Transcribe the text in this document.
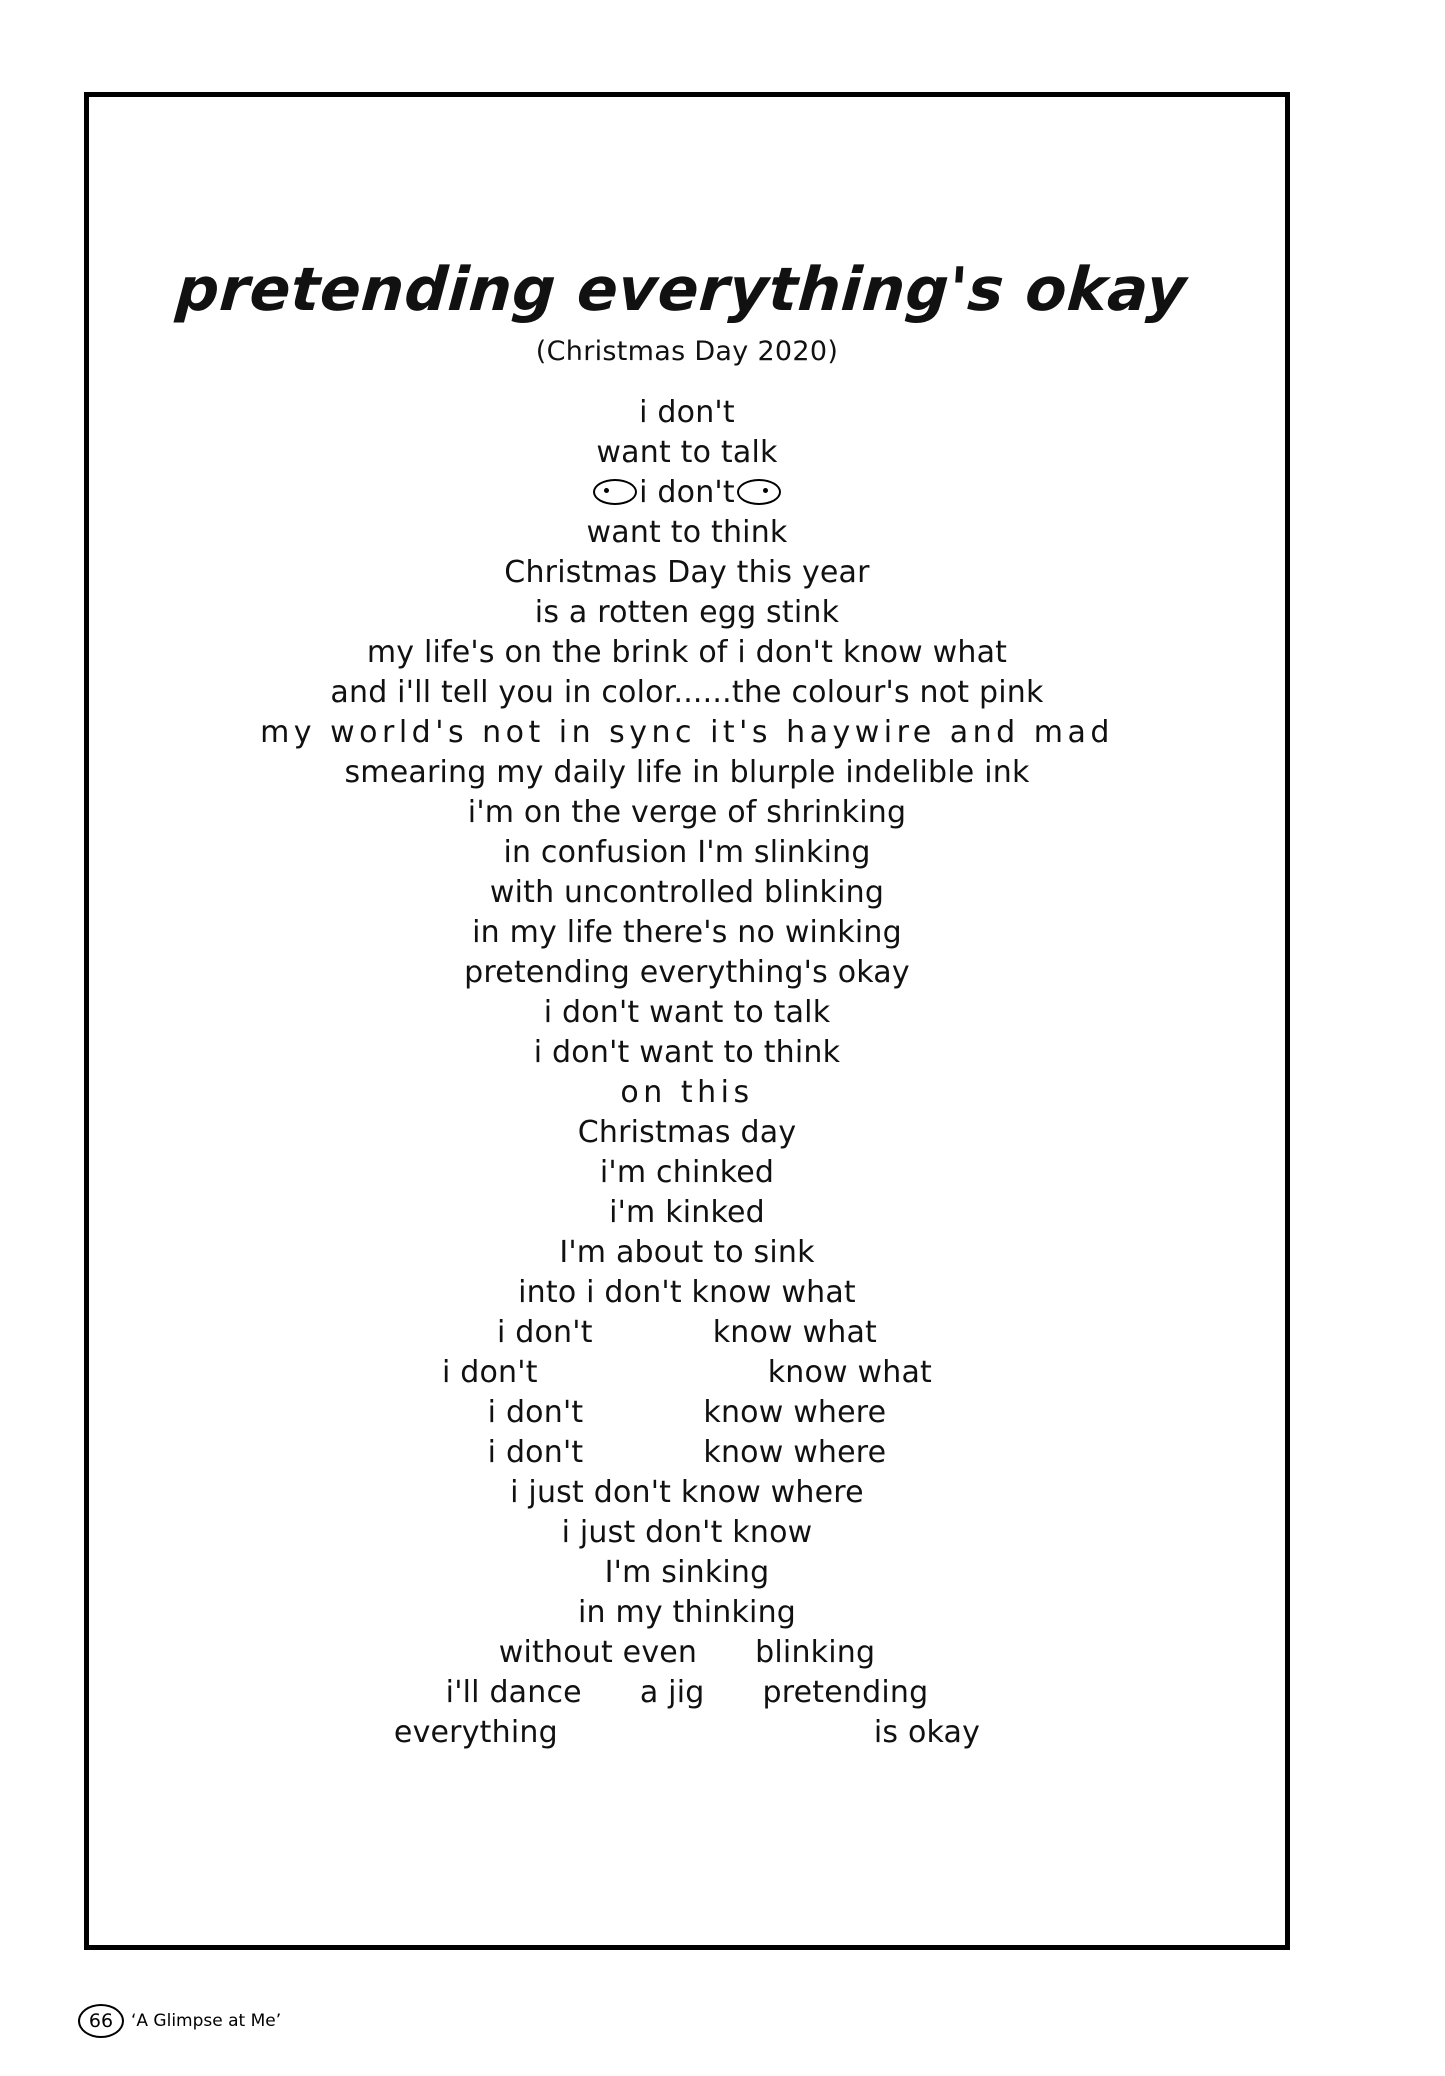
pretending everything's okay
(Christmas Day 2020)
i don't
want to talk
i don't
want to think
Christmas Day this year
is a rotten egg stink
my life's on the brink of i don't know what
and i'll tell you in color......the colour's not pink
my world's not in sync it's haywire and mad
smearing my daily life in blurple indelible ink
i'm on the verge of shrinking
in confusion I'm slinking
with uncontrolled blinking
in my life there's no winking
pretending everything's okay
i don't want to talk
i don't want to think
on this
Christmas day
i'm chinked
i'm kinked
I'm about to sink
into i don't know what
i don't	know what
i don't	know what
i don't	know where
i don't	know where
i just don't know where
i just don't know
I'm sinking
in my thinking
without even blinking
i'll dance a jig pretending
everything	is okay
66	‘A Glimpse at Me’
